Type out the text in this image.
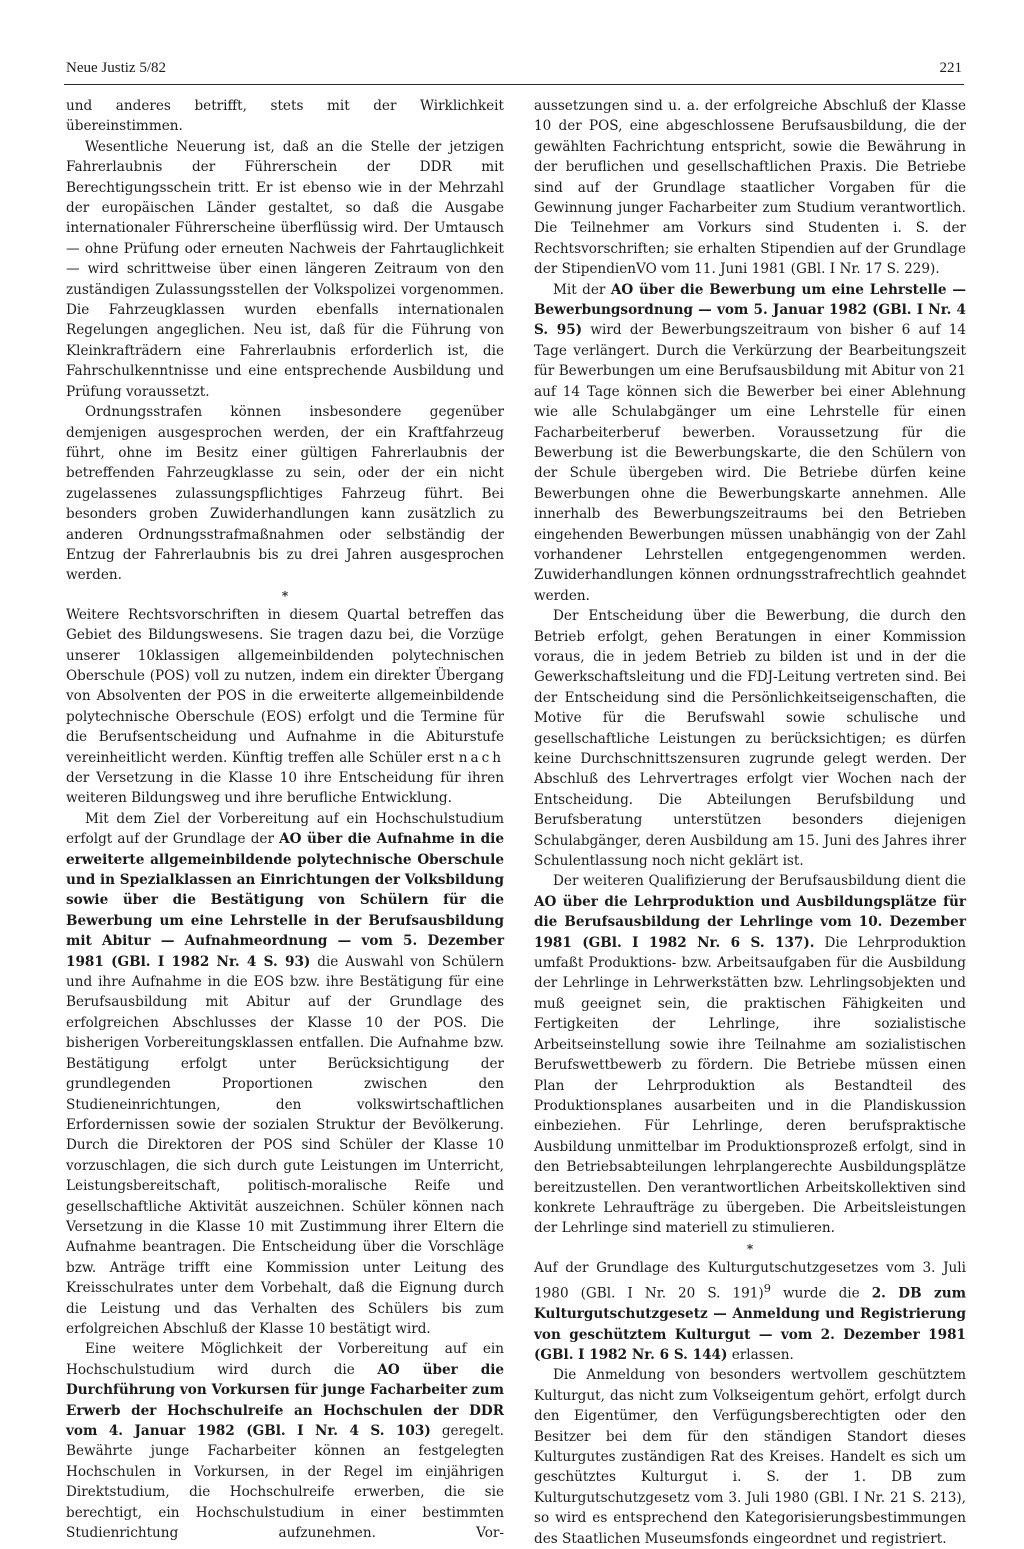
Neue Justiz 5/82	221

und anderes betrifft, stets mit der Wirklichkeit übereinstimmen.

Wesentliche Neuerung ist, daß an die Stelle der jetzigen Fahrerlaubnis der Führerschein der DDR mit Berechtigungsschein tritt. Er ist ebenso wie in der Mehrzahl der europäischen Länder gestaltet, so daß die Ausgabe internationaler Führerscheine überflüssig wird. Der Umtausch — ohne Prüfung oder erneuten Nachweis der Fahrtauglichkeit — wird schrittweise über einen längeren Zeitraum von den zuständigen Zulassungsstellen der Volkspolizei vorgenommen. Die Fahrzeugklassen wurden ebenfalls internationalen Regelungen angeglichen. Neu ist, daß für die Führung von Kleinkrafträdern eine Fahrerlaubnis erforderlich ist, die Fahrschulkenntnisse und eine entsprechende Ausbildung und Prüfung voraussetzt.

Ordnungsstrafen können insbesondere gegenüber demjenigen ausgesprochen werden, der ein Kraftfahrzeug führt, ohne im Besitz einer gültigen Fahrerlaubnis der betreffenden Fahrzeugklasse zu sein, oder der ein nicht zugelassenes zulassungspflichtiges Fahrzeug führt. Bei besonders groben Zuwiderhandlungen kann zusätzlich zu anderen Ordnungsstrafmaßnahmen oder selbständig der Entzug der Fahrerlaubnis bis zu drei Jahren ausgesprochen werden.

*

Weitere Rechtsvorschriften in diesem Quartal betreffen das Gebiet des Bildungswesens. Sie tragen dazu bei, die Vorzüge unserer 10klassigen allgemeinbildenden polytechnischen Oberschule (POS) voll zu nutzen, indem ein direkter Übergang von Absolventen der POS in die erweiterte allgemeinbildende polytechnische Oberschule (EOS) erfolgt und die Termine für die Berufsentscheidung und Aufnahme in die Abiturstufe vereinheitlicht werden. Künftig treffen alle Schüler erst nach der Versetzung in die Klasse 10 ihre Entscheidung für ihren weiteren Bildungsweg und ihre berufliche Entwicklung.

Mit dem Ziel der Vorbereitung auf ein Hochschulstudium erfolgt auf der Grundlage der AO über die Aufnahme in die erweiterte allgemeinbildende polytechnische Oberschule und in Spezialklassen an Einrichtungen der Volksbildung sowie über die Bestätigung von Schülern für die Bewerbung um eine Lehrstelle in der Berufsausbildung mit Abitur — Aufnahmeordnung — vom 5. Dezember 1981 (GBl. I 1982 Nr. 4 S. 93) die Auswahl von Schülern und ihre Aufnahme in die EOS bzw. ihre Bestätigung für eine Berufsausbildung mit Abitur auf der Grundlage des erfolgreichen Abschlusses der Klasse 10 der POS. Die bisherigen Vorbereitungsklassen entfallen. Die Aufnahme bzw. Bestätigung erfolgt unter Berücksichtigung der grundlegenden Proportionen zwischen den Studieneinrichtungen, den volkswirtschaftlichen Erfordernissen sowie der sozialen Struktur der Bevölkerung. Durch die Direktoren der POS sind Schüler der Klasse 10 vorzuschlagen, die sich durch gute Leistungen im Unterricht, Leistungsbereitschaft, politisch-moralische Reife und gesellschaftliche Aktivität auszeichnen. Schüler können nach Versetzung in die Klasse 10 mit Zustimmung ihrer Eltern die Aufnahme beantragen. Die Entscheidung über die Vorschläge bzw. Anträge trifft eine Kommission unter Leitung des Kreisschulrates unter dem Vorbehalt, daß die Eignung durch die Leistung und das Verhalten des Schülers bis zum erfolgreichen Abschluß der Klasse 10 bestätigt wird.

Eine weitere Möglichkeit der Vorbereitung auf ein Hochschulstudium wird durch die AO über die Durchführung von Vorkursen für junge Facharbeiter zum Erwerb der Hochschulreife an Hochschulen der DDR vom 4. Januar 1982 (GBl. I Nr. 4 S. 103) geregelt. Bewährte junge Facharbeiter können an festgelegten Hochschulen in Vorkursen, in der Regel im einjährigen Direktstudium, die Hochschulreife erwerben, die sie berechtigt, ein Hochschulstudium in einer bestimmten Studienrichtung aufzunehmen. Vor-

aussetzungen sind u. a. der erfolgreiche Abschluß der Klasse 10 der POS, eine abgeschlossene Berufsausbildung, die der gewählten Fachrichtung entspricht, sowie die Bewährung in der beruflichen und gesellschaftlichen Praxis. Die Betriebe sind auf der Grundlage staatlicher Vorgaben für die Gewinnung junger Facharbeiter zum Studium verantwortlich. Die Teilnehmer am Vorkurs sind Studenten i. S. der Rechtsvorschriften; sie erhalten Stipendien auf der Grundlage der StipendienVO vom 11. Juni 1981 (GBl. I Nr. 17 S. 229).

Mit der AO über die Bewerbung um eine Lehrstelle — Bewerbungsordnung — vom 5. Januar 1982 (GBl. I Nr. 4 S. 95) wird der Bewerbungszeitraum von bisher 6 auf 14 Tage verlängert. Durch die Verkürzung der Bearbeitungszeit für Bewerbungen um eine Berufsausbildung mit Abitur von 21 auf 14 Tage können sich die Bewerber bei einer Ablehnung wie alle Schulabgänger um eine Lehrstelle für einen Facharbeiterberuf bewerben. Voraussetzung für die Bewerbung ist die Bewerbungskarte, die den Schülern von der Schule übergeben wird. Die Betriebe dürfen keine Bewerbungen ohne die Bewerbungskarte annehmen. Alle innerhalb des Bewerbungszeitraums bei den Betrieben eingehenden Bewerbungen müssen unabhängig von der Zahl vorhandener Lehrstellen entgegengenommen werden. Zuwiderhandlungen können ordnungsstrafrechtlich geahndet werden.

Der Entscheidung über die Bewerbung, die durch den Betrieb erfolgt, gehen Beratungen in einer Kommission voraus, die in jedem Betrieb zu bilden ist und in der die Gewerkschaftsleitung und die FDJ-Leitung vertreten sind. Bei der Entscheidung sind die Persönlichkeitseigenschaften, die Motive für die Berufswahl sowie schulische und gesellschaftliche Leistungen zu berücksichtigen; es dürfen keine Durchschnittszensuren zugrunde gelegt werden. Der Abschluß des Lehrvertrages erfolgt vier Wochen nach der Entscheidung. Die Abteilungen Berufsbildung und Berufsberatung unterstützen besonders diejenigen Schulabgänger, deren Ausbildung am 15. Juni des Jahres ihrer Schulentlassung noch nicht geklärt ist.

Der weiteren Qualifizierung der Berufsausbildung dient die AO über die Lehrproduktion und Ausbildungsplätze für die Berufsausbildung der Lehrlinge vom 10. Dezember 1981 (GBl. I 1982 Nr. 6 S. 137). Die Lehrproduktion umfaßt Produktions- bzw. Arbeitsaufgaben für die Ausbildung der Lehrlinge in Lehrwerkstätten bzw. Lehrlingsobjekten und muß geeignet sein, die praktischen Fähigkeiten und Fertigkeiten der Lehrlinge, ihre sozialistische Arbeitseinstellung sowie ihre Teilnahme am sozialistischen Berufswettbewerb zu fördern. Die Betriebe müssen einen Plan der Lehrproduktion als Bestandteil des Produktionsplanes ausarbeiten und in die Plandiskussion einbeziehen. Für Lehrlinge, deren berufspraktische Ausbildung unmittelbar im Produktionsprozeß erfolgt, sind in den Betriebsabteilungen lehrplangerechte Ausbildungsplätze bereitzustellen. Den verantwortlichen Arbeitskollektiven sind konkrete Lehraufträge zu übergeben. Die Arbeitsleistungen der Lehrlinge sind materiell zu stimulieren.

*

Auf der Grundlage des Kulturgutschutzgesetzes vom 3. Juli 1980 (GBl. I Nr. 20 S. 191)$^9$ wurde die 2. DB zum Kulturgutschutzgesetz — Anmeldung und Registrierung von geschütztem Kulturgut — vom 2. Dezember 1981 (GBl. I 1982 Nr. 6 S. 144) erlassen.

Die Anmeldung von besonders wertvollem geschütztem Kulturgut, das nicht zum Volkseigentum gehört, erfolgt durch den Eigentümer, den Verfügungsberechtigten oder den Besitzer bei dem für den ständigen Standort dieses Kulturgutes zuständigen Rat des Kreises. Handelt es sich um geschütztes Kulturgut i. S. der 1. DB zum Kulturgutschutzgesetz vom 3. Juli 1980 (GBl. I Nr. 21 S. 213), so wird es entsprechend den Kategorisierungsbestimmungen des Staatlichen Museumsfonds eingeordnet und registriert.
